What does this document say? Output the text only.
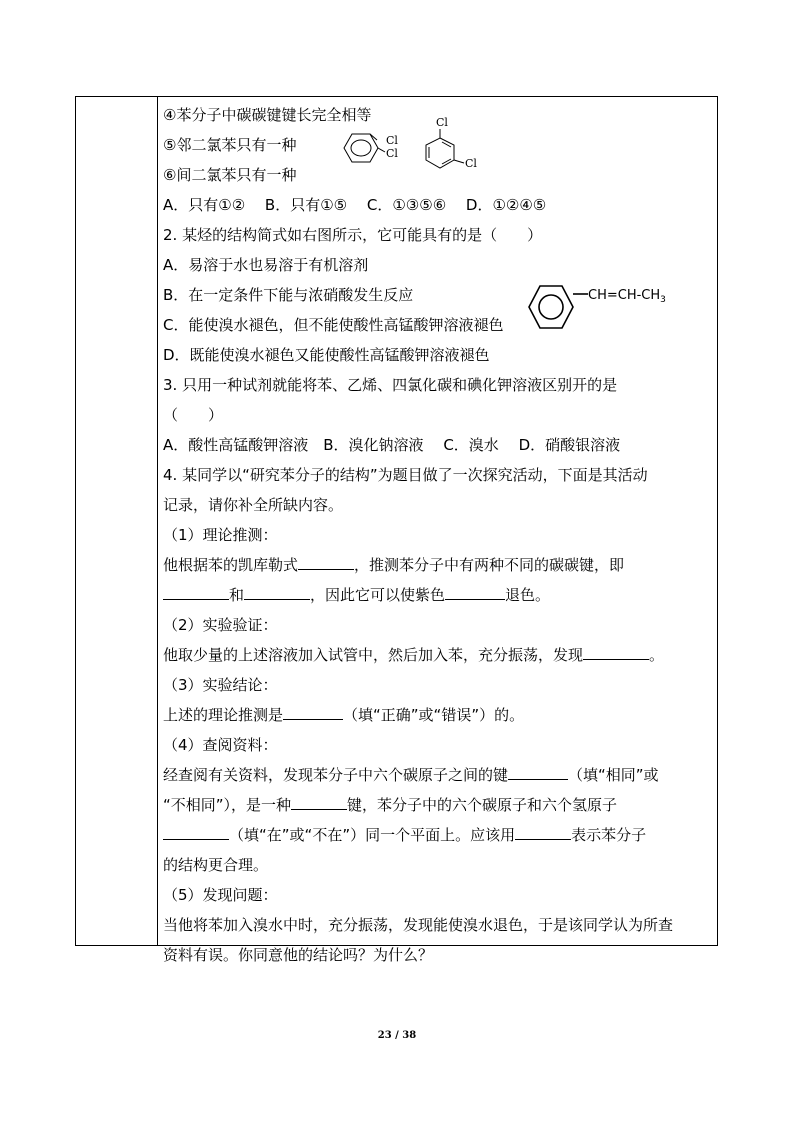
④苯分子中碳碳键键长完全相等
⑤邻二氯苯只有一种
⑥间二氯苯只有一种
A．只有①②　 B．只有①⑤　 C．①③⑤⑥　 D．①②④⑤
2. 某烃的结构简式如右图所示，它可能具有的是（　　）
A．易溶于水也易溶于有机溶剂
B．在一定条件下能与浓硝酸发生反应
C．能使溴水褪色，但不能使酸性高锰酸钾溶液褪色
D．既能使溴水褪色又能使酸性高锰酸钾溶液褪色
3. 只用一种试剂就能将苯、乙烯、四氯化碳和碘化钾溶液区别开的是
（　　）
A．酸性高锰酸钾溶液　B．溴化钠溶液　 C．溴水　 D．硝酸银溶液
4. 某同学以“研究苯分子的结构”为题目做了一次探究活动，下面是其活动
记录，请你补全所缺内容。
（1）理论推测：
他根据苯的凯库勒式	，推测苯分子中有两种不同的碳碳键，即
和	，因此它可以使紫色	退色。
（2）实验验证：
他取少量的上述溶液加入试管中，然后加入苯，充分振荡，发现	。
（3）实验结论：
上述的理论推测是	（填“正确”或“错误”）的。
（4）查阅资料：
经查阅有关资料，发现苯分子中六个碳原子之间的键	（填“相同”或
“不相同”），是一种	键，苯分子中的六个碳原子和六个氢原子
（填“在”或“不在”）同一个平面上。应该用	表示苯分子
的结构更合理。
（5）发现问题：
当他将苯加入溴水中时，充分振荡，发现能使溴水退色，于是该同学认为所查
资料有误。你同意他的结论吗？为什么？
Cl
Cl
Cl
Cl
$CH=CH-CH_3$
23 / 38
